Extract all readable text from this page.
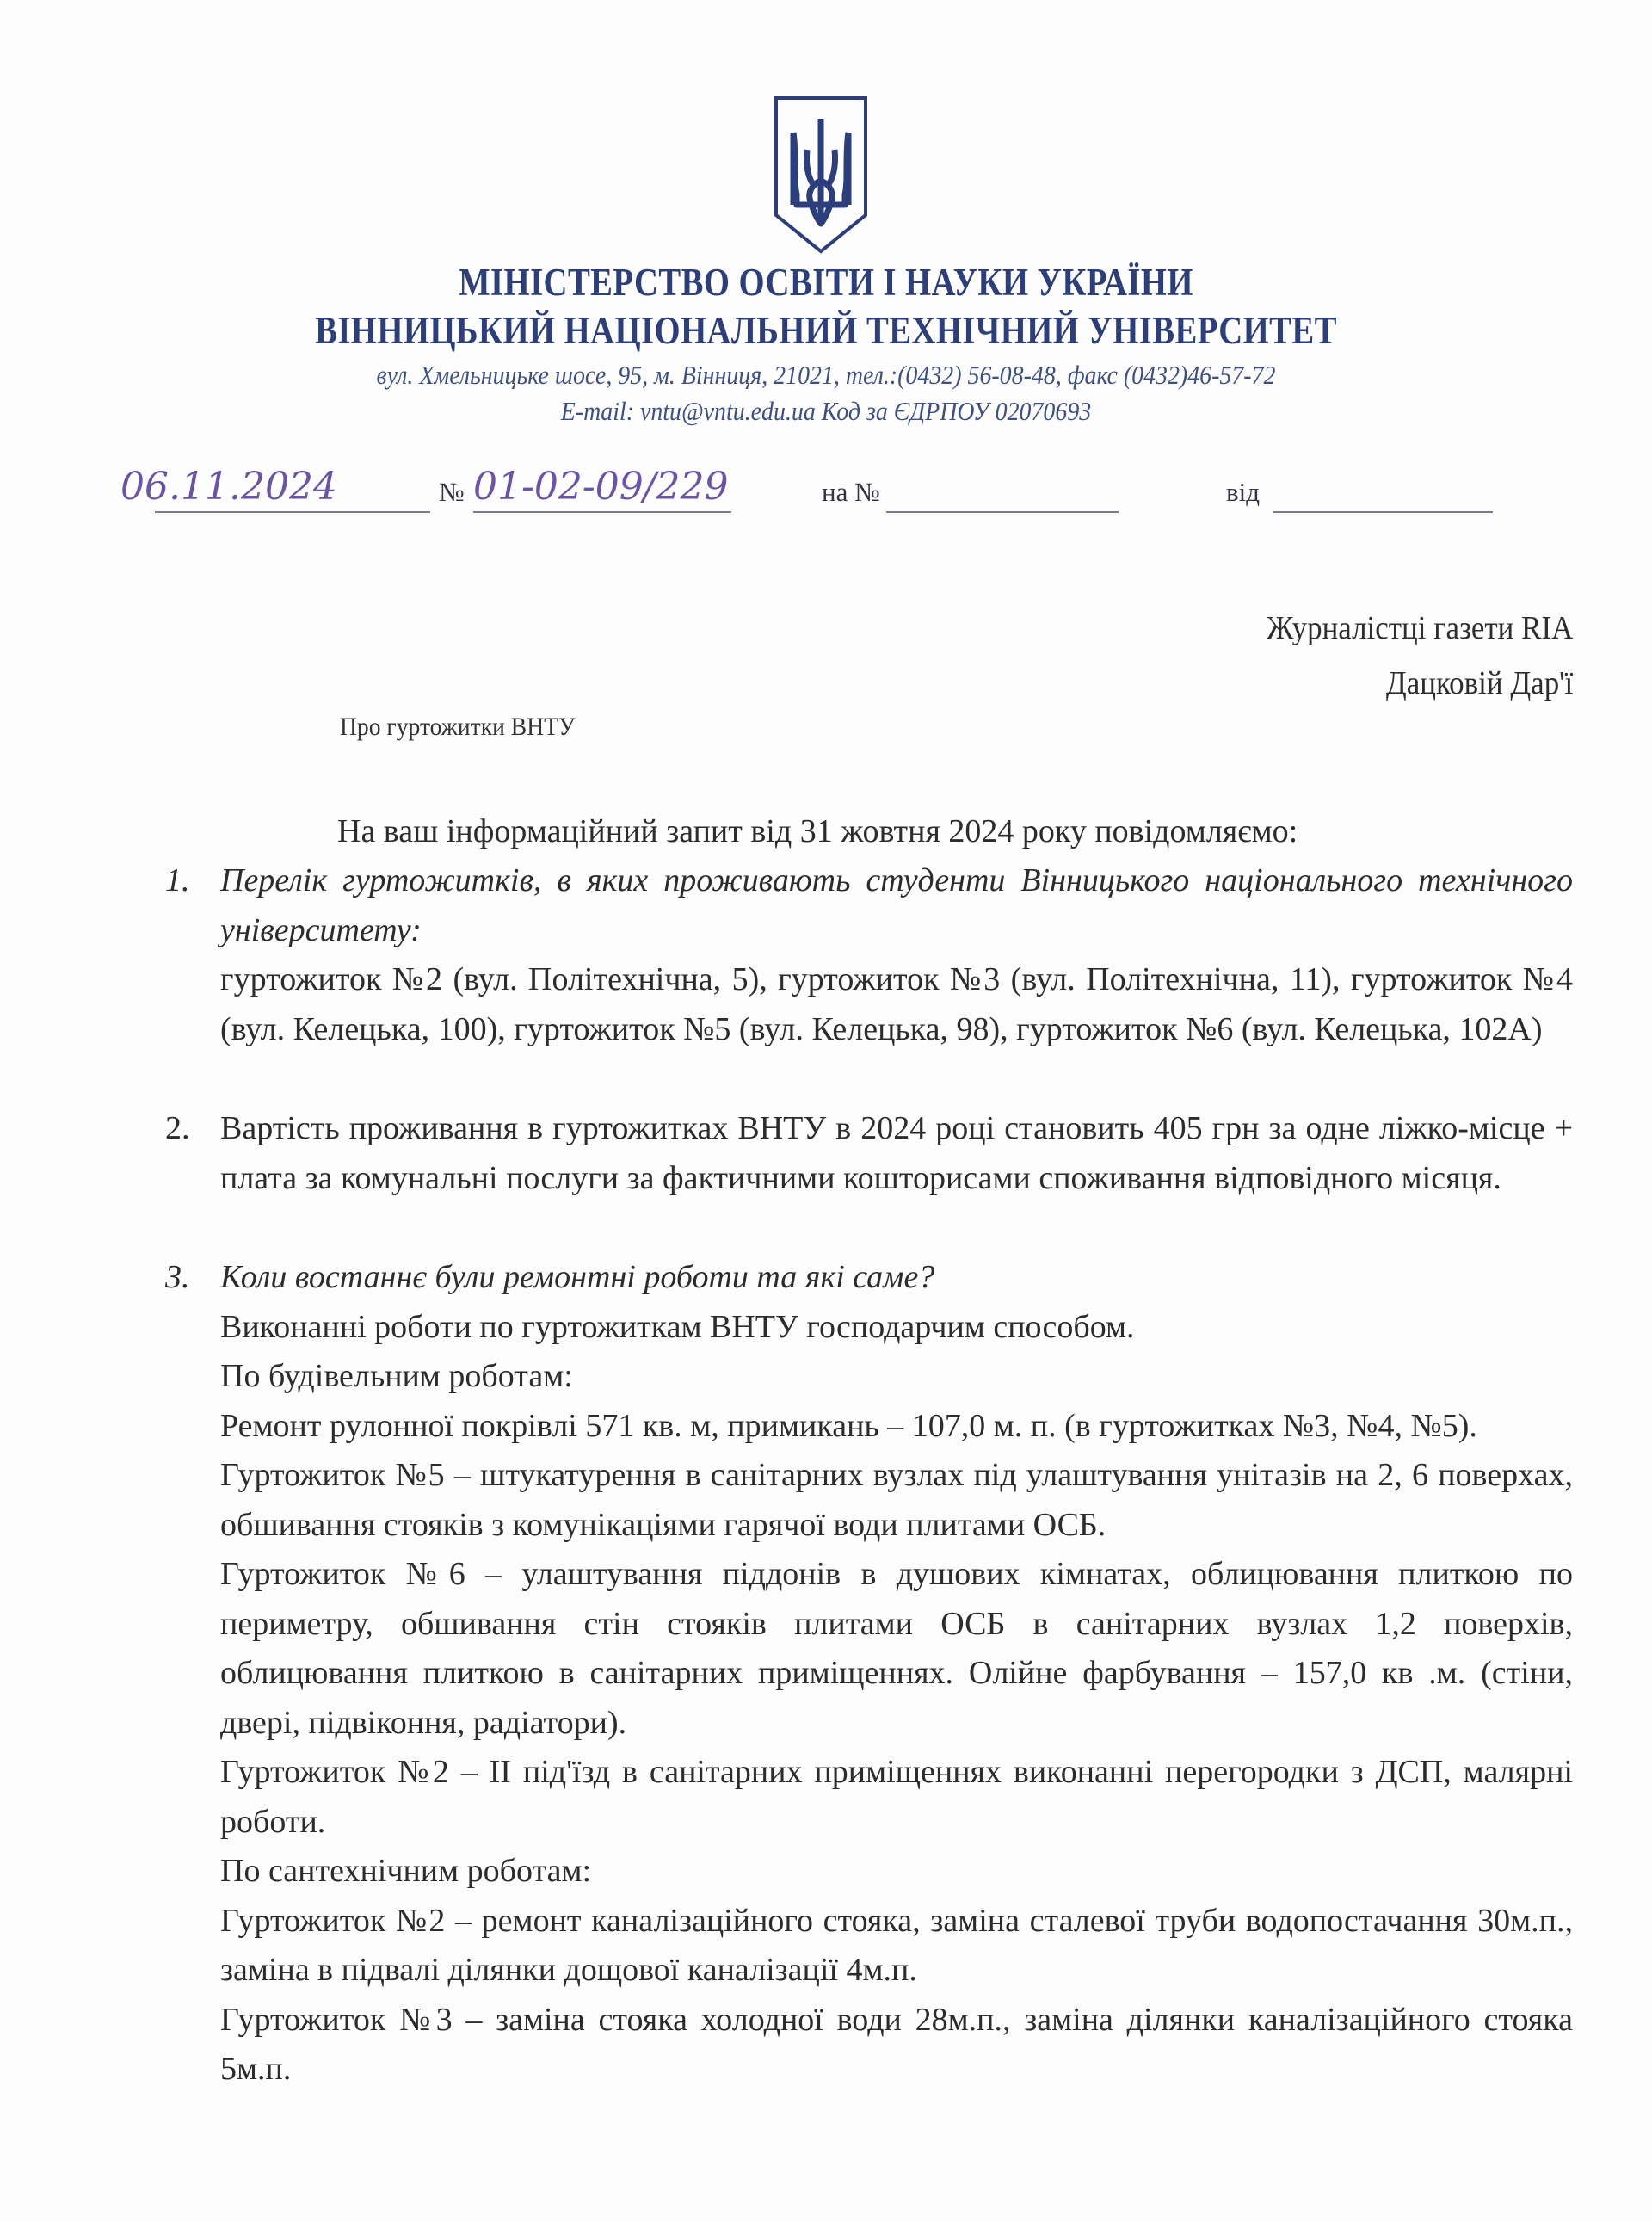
МІНІСТЕРСТВО ОСВІТИ І НАУКИ УКРАЇНИ
ВІННИЦЬКИЙ НАЦІОНАЛЬНИЙ ТЕХНІЧНИЙ УНІВЕРСИТЕТ
вул. Хмельницьке шосе, 95, м. Вінниця, 21021, тел.:(0432) 56-08-48, факс (0432)46-57-72
E-mail: vntu@vntu.edu.ua Код за ЄДРПОУ 02070693
06.11.2024	№ 01-02-09/229	на №	від
Журналістці газети RIA
Дацковій Дар'ї
Про гуртожитки ВНТУ
На ваш інформаційний запит від 31 жовтня 2024 року повідомляємо:
1. Перелік гуртожитків, в яких проживають студенти Вінницького національного технічного університету:
гуртожиток №2 (вул. Політехнічна, 5), гуртожиток №3 (вул. Політехнічна, 11), гуртожиток №4 (вул. Келецька, 100), гуртожиток №5 (вул. Келецька, 98), гуртожиток №6 (вул. Келецька, 102А)
2. Вартість проживання в гуртожитках ВНТУ в 2024 році становить 405 грн за одне ліжко-місце + плата за комунальні послуги за фактичними кошторисами споживання відповідного місяця.
3. Коли востаннє були ремонтні роботи та які саме?
Виконанні роботи по гуртожиткам ВНТУ господарчим способом.
По будівельним роботам:
Ремонт рулонної покрівлі 571 кв. м, примикань – 107,0 м. п. (в гуртожитках №3, №4, №5).
Гуртожиток №5 – штукатурення в санітарних вузлах під улаштування унітазів на 2, 6 поверхах, обшивання стояків з комунікаціями гарячої води плитами ОСБ.
Гуртожиток №6 – улаштування піддонів в душових кімнатах, облицювання плиткою по периметру, обшивання стін стояків плитами ОСБ в санітарних вузлах 1,2 поверхів, облицювання плиткою в санітарних приміщеннях. Олійне фарбування – 157,0 кв .м. (стіни, двері, підвіконня, радіатори).
Гуртожиток №2 – II під'їзд в санітарних приміщеннях виконанні перегородки з ДСП, малярні роботи.
По сантехнічним роботам:
Гуртожиток №2 – ремонт каналізаційного стояка, заміна сталевої труби водопостачання 30м.п., заміна в підвалі ділянки дощової каналізації 4м.п.
Гуртожиток №3 – заміна стояка холодної води 28м.п., заміна ділянки каналізаційного стояка 5м.п.
